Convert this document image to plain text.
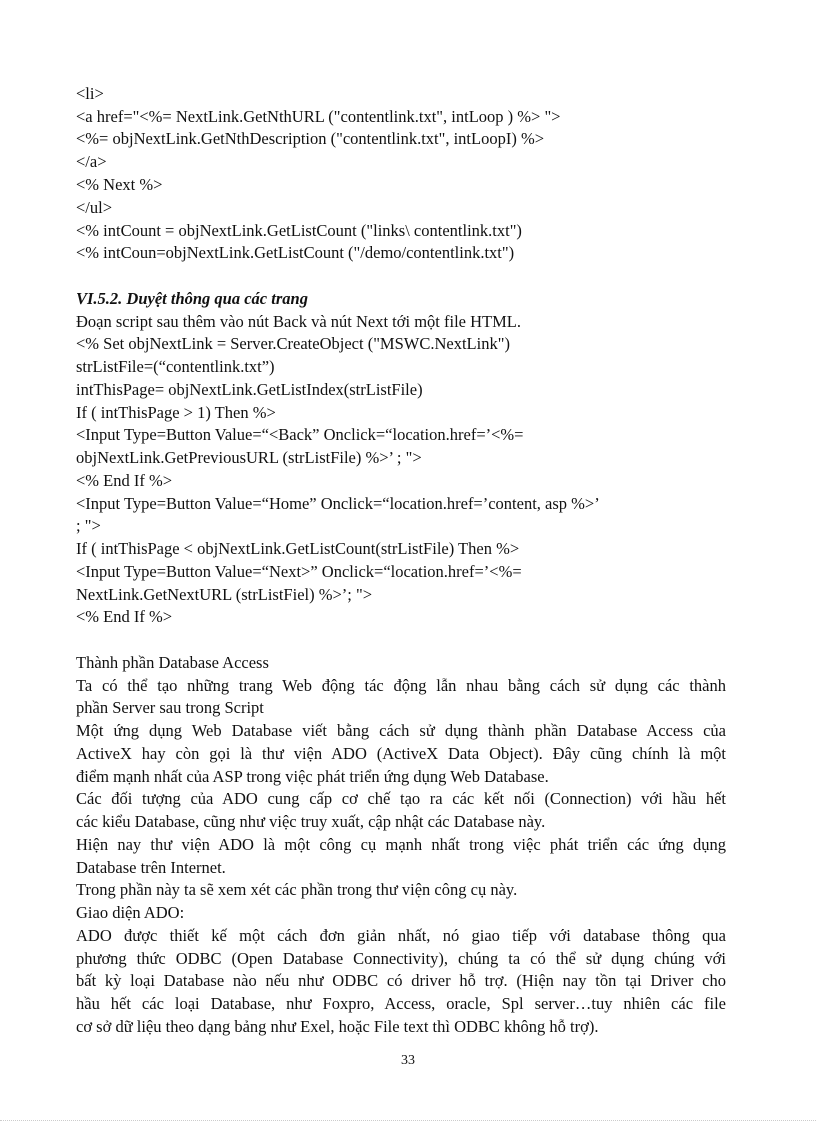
<li>
<a href="<%= NextLink.GetNthURL ("contentlink.txt", intLoop ) %> ">
<%= objNextLink.GetNthDescription ("contentlink.txt", intLoopI) %>
</a>
<% Next %>
</ul>
<% intCount = objNextLink.GetListCount ("links\ contentlink.txt")
<% intCoun=objNextLink.GetListCount ("/demo/contentlink.txt")
VI.5.2. Duyệt thông qua các trang
Đoạn script sau thêm vào nút Back và nút Next tới một file HTML.
<% Set objNextLink = Server.CreateObject ("MSWC.NextLink")
strListFile=(“contentlink.txt”)
intThisPage= objNextLink.GetListIndex(strListFile)
If ( intThisPage > 1) Then %>
<Input Type=Button Value=“<Back” Onclick=“location.href=’<%=
objNextLink.GetPreviousURL (strListFile) %>’ ; ">
<% End If %>
<Input Type=Button Value=“Home” Onclick=“location.href=’content, asp %>’
; ">
If ( intThisPage < objNextLink.GetListCount(strListFile) Then %>
<Input Type=Button Value=“Next>” Onclick=“location.href=’<%=
NextLink.GetNextURL (strListFiel) %>’; ">
<% End If %>
Thành phần Database Access
Ta có thể tạo những trang Web động tác động lẫn nhau bằng cách sử dụng các thành
phần Server sau trong Script
Một ứng dụng Web Database viết bằng cách sử dụng thành phần Database Access của
ActiveX hay còn gọi là thư viện ADO (ActiveX Data Object). Đây cũng chính là một
điểm mạnh nhất của ASP trong việc phát triển ứng dụng Web Database.
Các đối tượng của ADO cung cấp cơ chế tạo ra các kết nối (Connection) với hầu hết
các kiểu Database, cũng như việc truy xuất, cập nhật các Database này.
Hiện nay thư viện ADO là một công cụ mạnh nhất trong việc phát triển các ứng dụng
Database trên Internet.
Trong phần này ta sẽ xem xét các phần trong thư viện công cụ này.
Giao diện ADO:
ADO được thiết kế một cách đơn giản nhất, nó giao tiếp với database thông qua
phương thức ODBC (Open Database Connectivity), chúng ta có thể sử dụng chúng với
bất kỳ loại Database nào nếu như ODBC có driver hỗ trợ. (Hiện nay tồn tại Driver cho
hầu hết các loại Database, như Foxpro, Access, oracle, Spl server…tuy nhiên các file
cơ sở dữ liệu theo dạng bảng như Exel, hoặc File text thì ODBC không hỗ trợ).
33
